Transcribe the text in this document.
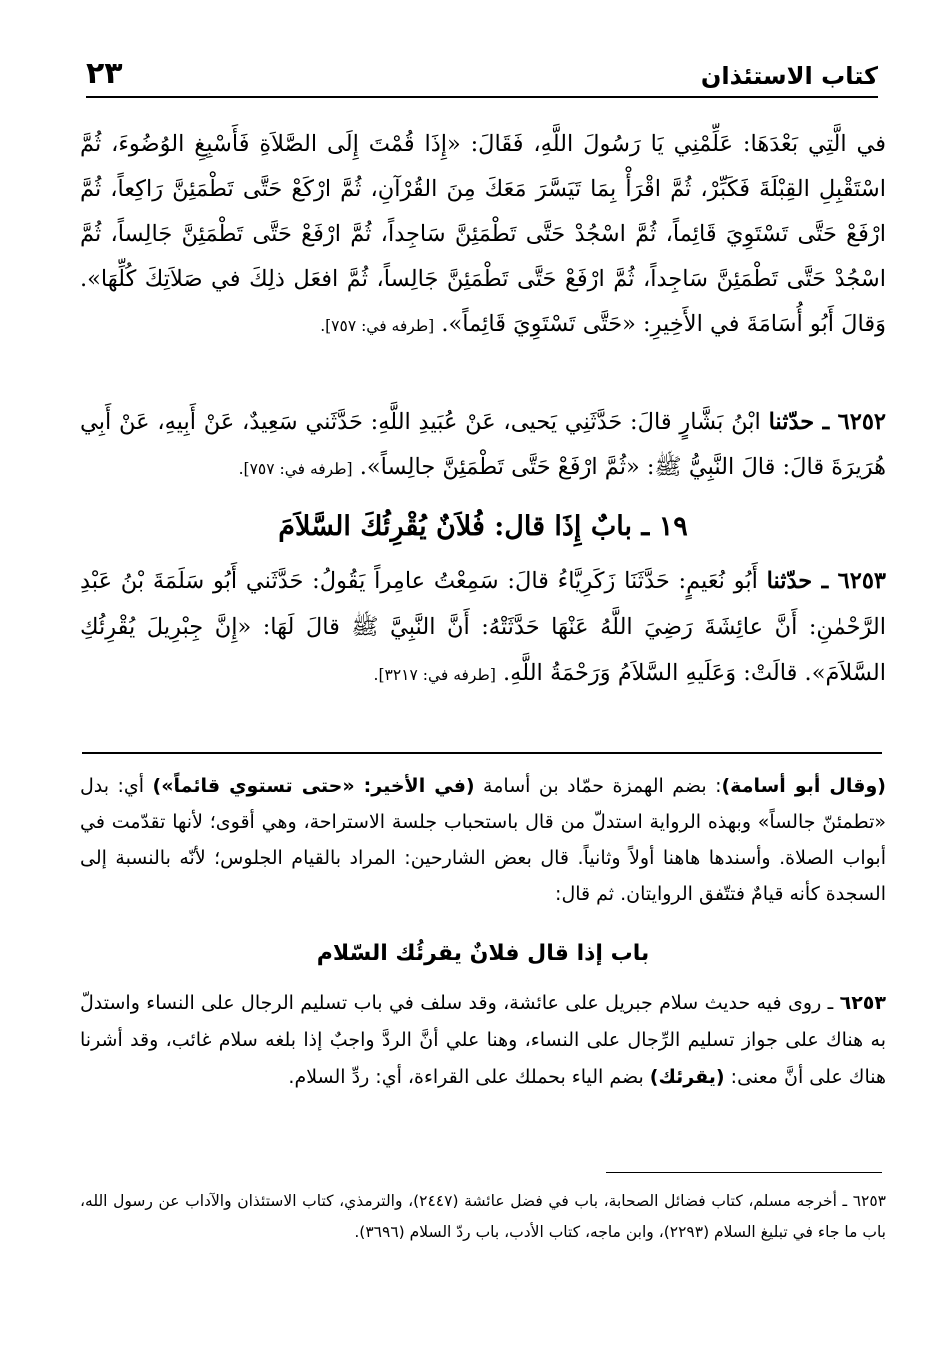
٢٣	كتاب الاستئذان
في الَّتِي بَعْدَهَا: عَلِّمْنِي يَا رَسُولَ اللَّهِ، فَقَالَ: «إِذَا قُمْتَ إِلَى الصَّلاَةِ فَأَسْبِغِ الوُضُوءَ، ثُمَّ اسْتَقْبِلِ القِبْلَةَ فَكَبِّرْ، ثُمَّ اقْرَأْ بِمَا تَيَسَّرَ مَعَكَ مِنَ القُرْآنِ، ثُمَّ ارْكَعْ حَتَّى تَطْمَئِنَّ رَاكِعاً، ثُمَّ ارْفَعْ حَتَّى تَسْتَوِيَ قَائِماً، ثُمَّ اسْجُدْ حَتَّى تَطْمَئِنَّ سَاجِداً، ثُمَّ ارْفَعْ حَتَّى تَطْمَئِنَّ جَالِساً، ثُمَّ اسْجُدْ حَتَّى تَطْمَئِنَّ سَاجِداً، ثُمَّ ارْفَعْ حَتَّى تَطْمَئِنَّ جَالِساً، ثُمَّ افعَل ذلِكَ في صَلاَتِكَ كُلِّهَا». وَقالَ أَبُو أُسَامَةَ في الأَخِيرِ: «حَتَّى تَسْتَوِيَ قَائِماً». [طرفه في: ٧٥٧].
٦٢٥٢ ـ حدّثنا ابْنُ بَشَّارٍ قالَ: حَدَّثَنِي يَحيى، عَنْ عُبَيدِ اللَّهِ: حَدَّثَني سَعِيدٌ، عَنْ أَبِيهِ، عَنْ أَبِي هُرَيرَةَ قالَ: قالَ النَّبِيُّ ﷺ: «ثُمَّ ارْفَعْ حَتَّى تَطْمَئِنَّ جالِساً». [طرفه في: ٧٥٧].
١٩ ـ بابٌ إِذَا قال: فُلاَنٌ يُقْرِئُكَ السَّلاَمَ
٦٢٥٣ ـ حدّثنا أَبُو نُعَيمٍ: حَدَّثَنَا زَكَرِيَّاءُ قالَ: سَمِعْتُ عامِراً يَقُولُ: حَدَّثَني أَبُو سَلَمَةَ بْنُ عَبْدِ الرَّحْمٰنِ: أَنَّ عائِشَةَ رَضِيَ اللَّهُ عَنْهَا حَدَّثَتْهُ: أَنَّ النَّبِيَّ ﷺ قالَ لَهَا: «إِنَّ جِبْرِيلَ يُقْرِئُكِ السَّلاَمَ». قالَتْ: وَعَلَيهِ السَّلاَمُ وَرَحْمَةُ اللَّهِ. [طرفه في: ٣٢١٧].
(وقال أبو أسامة): بضم الهمزة حمّاد بن أسامة (في الأخير: «حتى تستوي قائماً») أي: بدل «تطمئنّ جالساً» وبهذه الرواية استدلّ من قال باستحباب جلسة الاستراحة، وهي أقوى؛ لأنها تقدّمت في أبواب الصلاة. وأسندها هاهنا أولاً وثانياً. قال بعض الشارحين: المراد بالقيام الجلوس؛ لأنّه بالنسبة إلى السجدة كأنه قيامٌ فتتّفق الروايتان. ثم قال:
باب إذا قال فلانٌ يقرئُك السّلام
٦٢٥٣ ـ روى فيه حديث سلام جبريل على عائشة، وقد سلف في باب تسليم الرجال على النساء واستدلّ به هناك على جواز تسليم الرِّجال على النساء، وهنا علي أنَّ الردَّ واجبٌ إذا بلغه سلام غائب، وقد أشرنا هناك على أنَّ معنى: (يقرئك) بضم الياء بحملك على القراءة، أي: ردِّ السلام.
٦٢٥٣ ـ أخرجه مسلم، كتاب فضائل الصحابة، باب في فضل عائشة (٢٤٤٧)، والترمذي، كتاب الاستئذان والآداب عن رسول الله، باب ما جاء في تبليغ السلام (٢٢٩٣)، وابن ماجه، كتاب الأدب، باب ردّ السلام (٣٦٩٦).
